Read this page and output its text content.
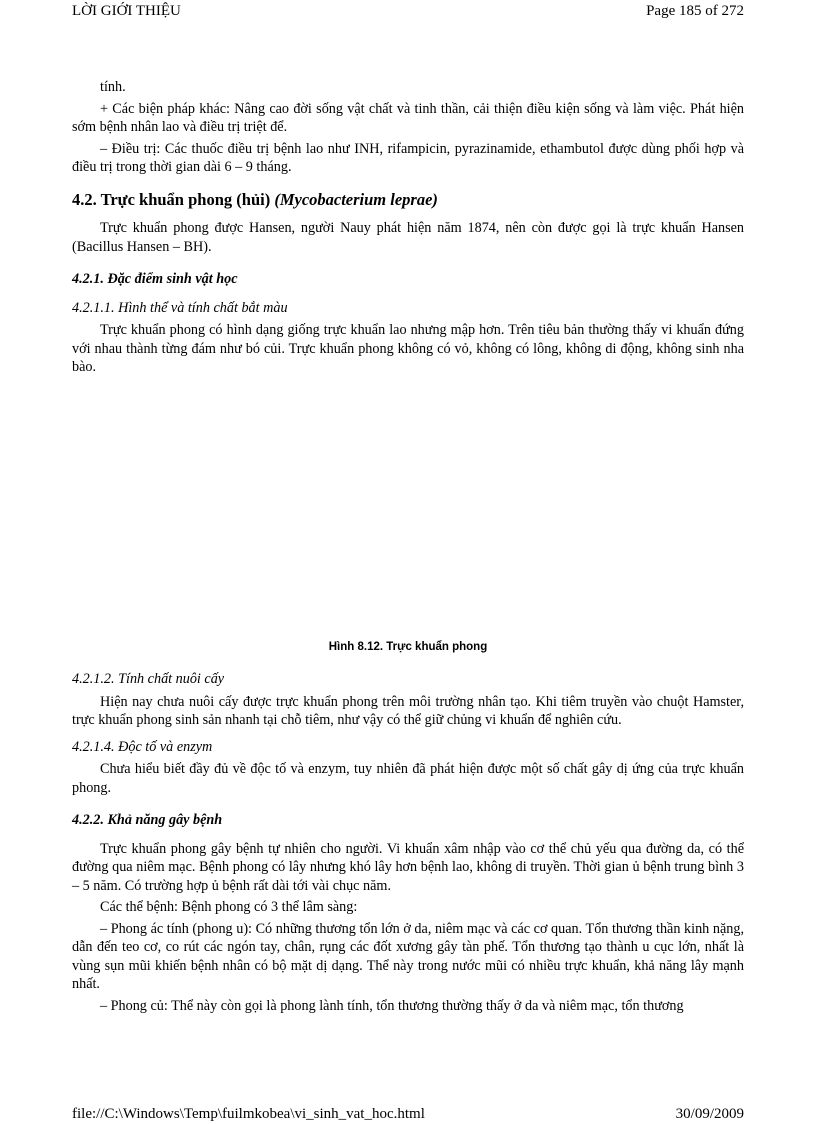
LỜI GIỚI THIỆU	Page 185 of 272

tính.

+ Các biện pháp khác: Nâng cao đời sống vật chất và tinh thần, cải thiện điều kiện sống và làm việc. Phát hiện sớm bệnh nhân lao và điều trị triệt để.

– Điều trị: Các thuốc điều trị bệnh lao như INH, rifampicin, pyrazinamide, ethambutol được dùng phối hợp và điều trị trong thời gian dài 6 – 9 tháng.

4.2. Trực khuẩn phong (hủi) (Mycobacterium leprae)

Trực khuẩn phong được Hansen, người Nauy phát hiện năm 1874, nên còn được gọi là trực khuẩn Hansen (Bacillus Hansen – BH).

4.2.1. Đặc điểm sinh vật học
4.2.1.1. Hình thể và tính chất bắt màu

Trực khuẩn phong có hình dạng giống trực khuẩn lao nhưng mập hơn. Trên tiêu bản thường thấy vi khuẩn đứng với nhau thành từng đám như bó củi. Trực khuẩn phong không có vỏ, không có lông, không di động, không sinh nha bào.

Hình 8.12. Trực khuẩn phong
4.2.1.2. Tính chất nuôi cấy

Hiện nay chưa nuôi cấy được trực khuẩn phong trên môi trường nhân tạo. Khi tiêm truyền vào chuột Hamster, trực khuẩn phong sinh sản nhanh tại chỗ tiêm, như vậy có thể giữ chủng vi khuẩn để nghiên cứu.

4.2.1.4. Độc tố và enzym

Chưa hiểu biết đầy đủ về độc tố và enzym, tuy nhiên đã phát hiện được một số chất gây dị ứng của trực khuẩn phong.

4.2.2. Khả năng gây bệnh

Trực khuẩn phong gây bệnh tự nhiên cho người. Vi khuẩn xâm nhập vào cơ thể chủ yếu qua đường da, có thể đường qua niêm mạc. Bệnh phong có lây nhưng khó lây hơn bệnh lao, không di truyền. Thời gian ủ bệnh trung bình 3 – 5 năm. Có trường hợp ủ bệnh rất dài tới vài chục năm.

Các thể bệnh: Bệnh phong có 3 thể lâm sàng:

– Phong ác tính (phong u): Có những thương tổn lớn ở da, niêm mạc và các cơ quan. Tổn thương thần kinh nặng, dẫn đến teo cơ, co rút các ngón tay, chân, rụng các đốt xương gây tàn phế. Tổn thương tạo thành u cục lớn, nhất là vùng sụn mũi khiến bệnh nhân có bộ mặt dị dạng. Thể này trong nước mũi có nhiều trực khuẩn, khả năng lây mạnh nhất.

– Phong củ: Thể này còn gọi là phong lành tính, tổn thương thường thấy ở da và niêm mạc, tổn thương

file://C:\Windows\Temp\fuilmkobea\vi_sinh_vat_hoc.html	30/09/2009
